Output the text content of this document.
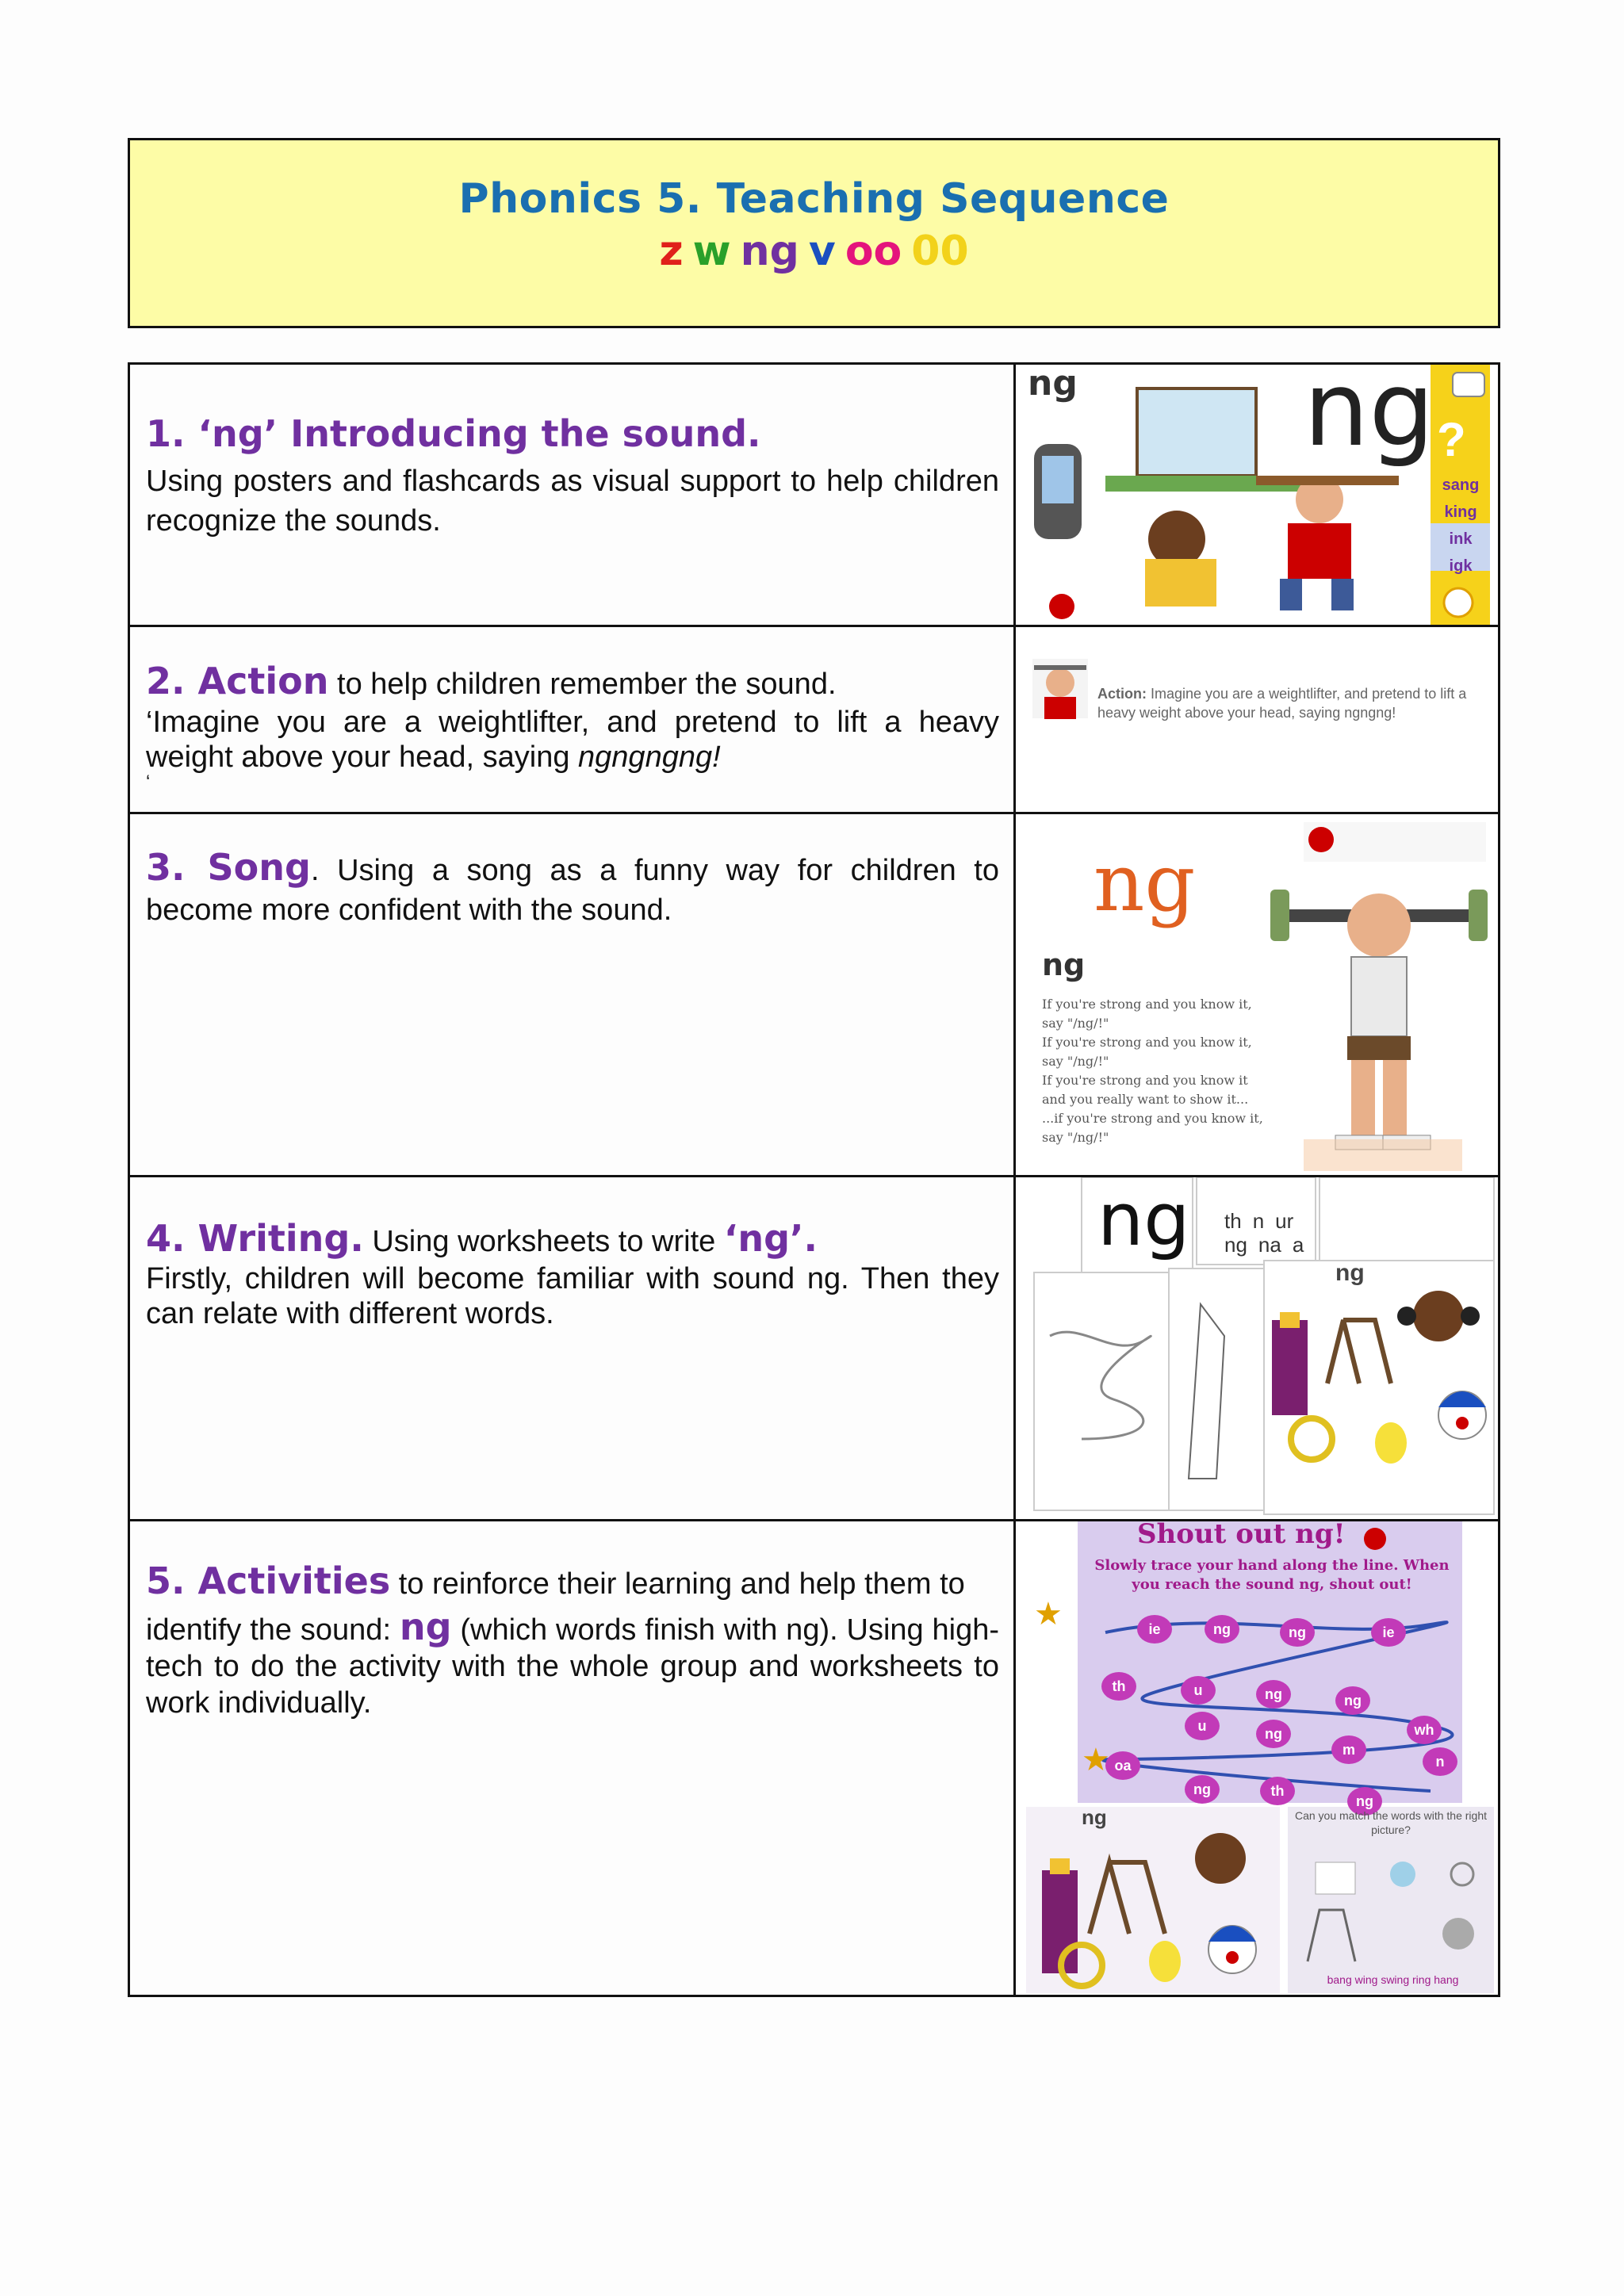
Phonics 5. Teaching Sequence
z w ng v oo 00
1. ‘ng’ Introducing the sound.
Using posters and flashcards as visual support to help children recognize the sounds.
ng ng ?
sang
king
ink
igk
2. Action to help children remember the sound.
‘Imagine you are a weightlifter, and pretend to lift a heavy weight above your head, saying ngngngng!
‘
Action: Imagine you are a weightlifter, and pretend to lift a heavy weight above your head, saying ngngng!
3. Song. Using a song as a funny way for children to become more confident with the sound.	ng
ng
If you're strong and you know it,
say "/ng/!"
If you're strong and you know it,
say "/ng/!"
If you're strong and you know it
and you really want to show it...
...if you're strong and you know it,
say "/ng/!"
4. Writing. Using worksheets to write ‘ng’.
Firstly, children will become familiar with sound ng. Then they can relate with different words.
ng th n urng na a
ng
5. Activities to reinforce their learning and help them to
identify the sound: ng (which words finish with ng). Using high-tech to do the activity with the whole group and worksheets to work individually.
Shout out ng!
Slowly trace your hand along the line. When you reach the sound ng, shout out!
ie	ng	ng	ie
th	u	ng	ng
u	ng	wh
m
n
oa
ng	th
ng
★
★
ng	Can you match the words with the right picture?
bang wing swing ring hang
